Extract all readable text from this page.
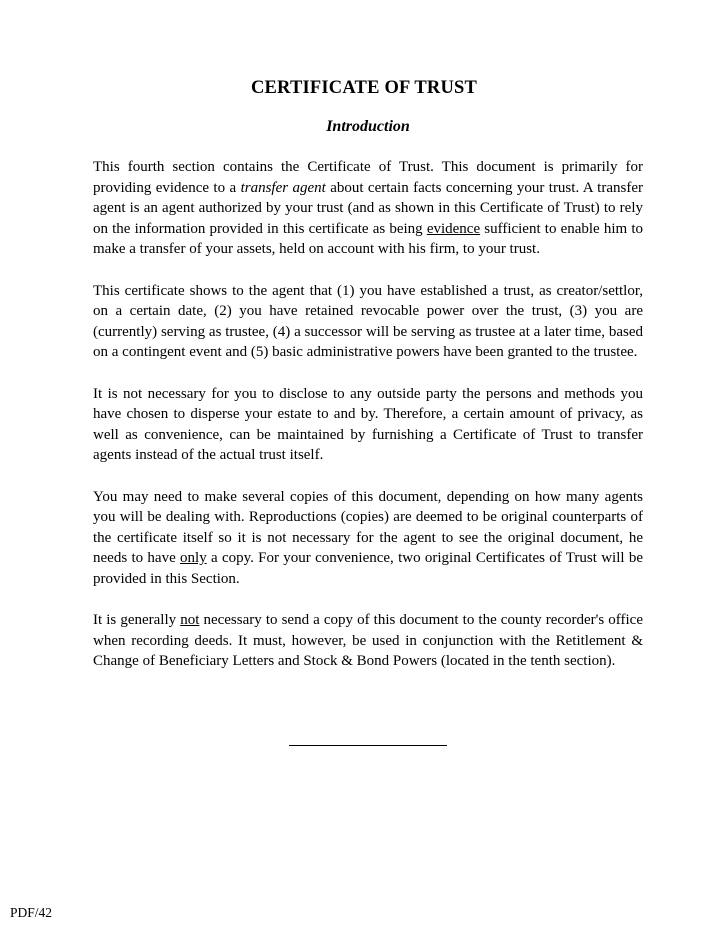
CERTIFICATE OF TRUST
Introduction

This fourth section contains the Certificate of Trust. This document is primarily for providing evidence to a transfer agent about certain facts concerning your trust. A transfer agent is an agent authorized by your trust (and as shown in this Certificate of Trust) to rely on the information provided in this certificate as being evidence sufficient to enable him to make a transfer of your assets, held on account with his firm, to your trust.

This certificate shows to the agent that (1) you have established a trust, as creator/settlor, on a certain date, (2) you have retained revocable power over the trust, (3) you are (currently) serving as trustee, (4) a successor will be serving as trustee at a later time, based on a contingent event and (5) basic administrative powers have been granted to the trustee.

It is not necessary for you to disclose to any outside party the persons and methods you have chosen to disperse your estate to and by. Therefore, a certain amount of privacy, as well as convenience, can be maintained by furnishing a Certificate of Trust to transfer agents instead of the actual trust itself.

You may need to make several copies of this document, depending on how many agents you will be dealing with. Reproductions (copies) are deemed to be original counterparts of the certificate itself so it is not necessary for the agent to see the original document, he needs to have only a copy. For your convenience, two original Certificates of Trust will be provided in this Section.

It is generally not necessary to send a copy of this document to the county recorder's office when recording deeds. It must, however, be used in conjunction with the Retitlement & Change of Beneficiary Letters and Stock & Bond Powers (located in the tenth section).

PDF/42
